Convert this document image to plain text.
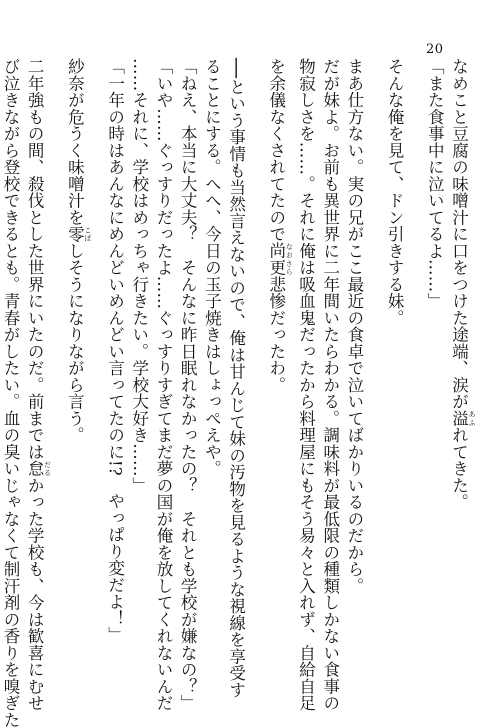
20
なめこと豆腐の味噌汁に口をつけた途端、涙が溢 あふれてきた。
「また食事中に泣いてるよ……」
そんな俺を見て、ドン引きする妹。
まあ仕方ない。実の兄がここ最近の食卓で泣いてばかりいるのだから。
だが妹よ。お前も異世界に二年間いたらわかる。調味料が最低限の種類しかない食事の
物寂しさを……。それに俺は吸血鬼だったから料理屋にもそう易々と入れず、自給自足
を余儀なくされてたので尚更 なおさら悲惨だったわ。
──という事情も当然言えないので、俺は甘んじて妹の汚物を見るような視線を享受す
ることにする。へへ、今日の玉子焼きはしょっぺえや。
「ねえ、本当に大丈夫？　そんなに昨日眠れなかったの？　それとも学校が嫌なの？」
「いや……ぐっすりだったよ……ぐっすりすぎてまだ夢の国が俺を放してくれないんだ
……それに、学校はめっちゃ行きたい。学校大好き……」
「一年の時はあんなにめんどいめんどい言ってたのに!?　やっぱり変だよ！」
紗奈が危うく味噌汁を零 こぼしそうになりながら言う。
二年強もの間、殺伐とした世界にいたのだ。前までは怠 だるかった学校も、今は歓喜にむせ
び泣きながら登校できるとも。青春がしたい。血の臭いじゃなくて制汗剤の香りを嗅ぎた
